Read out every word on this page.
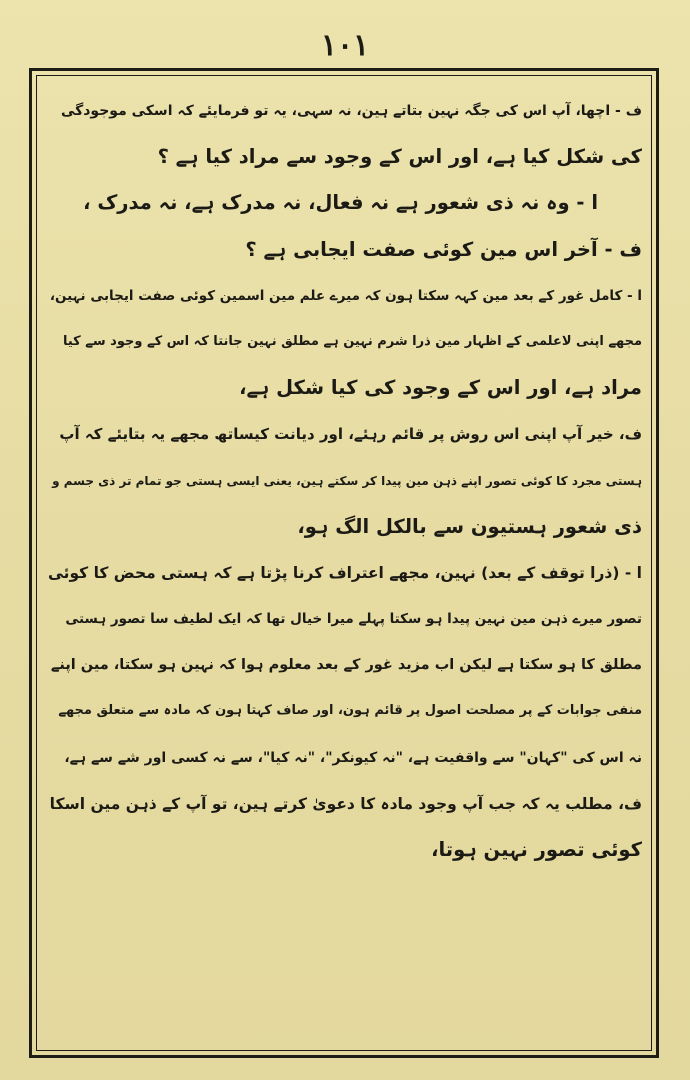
۱۰۱
ف - اچھا، آپ اس کی جگہ نہین بتاتے ہین، نہ سہی، یہ تو فرمایئے کہ اسکی موجودگی
کی شکل کیا ہے، اور اس کے وجود سے مراد کیا ہے ؟
ا - وہ نہ ذی شعور ہے نہ فعال، نہ مدرک ہے، نہ مدرک ،
ف - آخر اس مین کوئی صفت ایجابی ہے ؟
ا - کامل غور کے بعد مین کہہ سکتا ہون کہ میرے علم مین اسمین کوئی صفت ایجابی نہین،
مجھے اپنی لاعلمی کے اظہار مین ذرا شرم نہین ہے مطلق نہین جانتا کہ اس کے وجود سے کیا
مراد ہے، اور اس کے وجود کی کیا شکل ہے،
ف، خیر آپ اپنی اس روش پر قائم رہئے، اور دیانت کیساتھ مجھے یہ بتایئے کہ آپ
ہستی مجرد کا کوئی تصور اپنے ذہن مین پیدا کر سکتے ہین، یعنی ایسی ہستی جو تمام تر ذی جسم و
ذی شعور ہستیون سے بالکل الگ ہو،
ا - (ذرا توقف کے بعد) نہین، مجھے اعتراف کرنا پڑتا ہے کہ ہستی محض کا کوئی
تصور میرے ذہن مین نہین پیدا ہو سکتا پہلے میرا خیال تھا کہ ایک لطیف سا تصور ہستی
مطلق کا ہو سکتا ہے لیکن اب مزید غور کے بعد معلوم ہوا کہ نہین ہو سکتا، مین اپنے
منفی جوابات کے پر مصلحت اصول پر قائم ہون، اور صاف کہتا ہون کہ مادہ سے متعلق مجھے
نہ اس کی "کہان" سے واقفیت ہے، "نہ کیونکر"، "نہ کیا"، سے نہ کسی اور شے سے ہے،
ف، مطلب یہ کہ جب آپ وجود مادہ کا دعویٰ کرتے ہین، تو آپ کے ذہن مین اسکا
کوئی تصور نہین ہوتا،
